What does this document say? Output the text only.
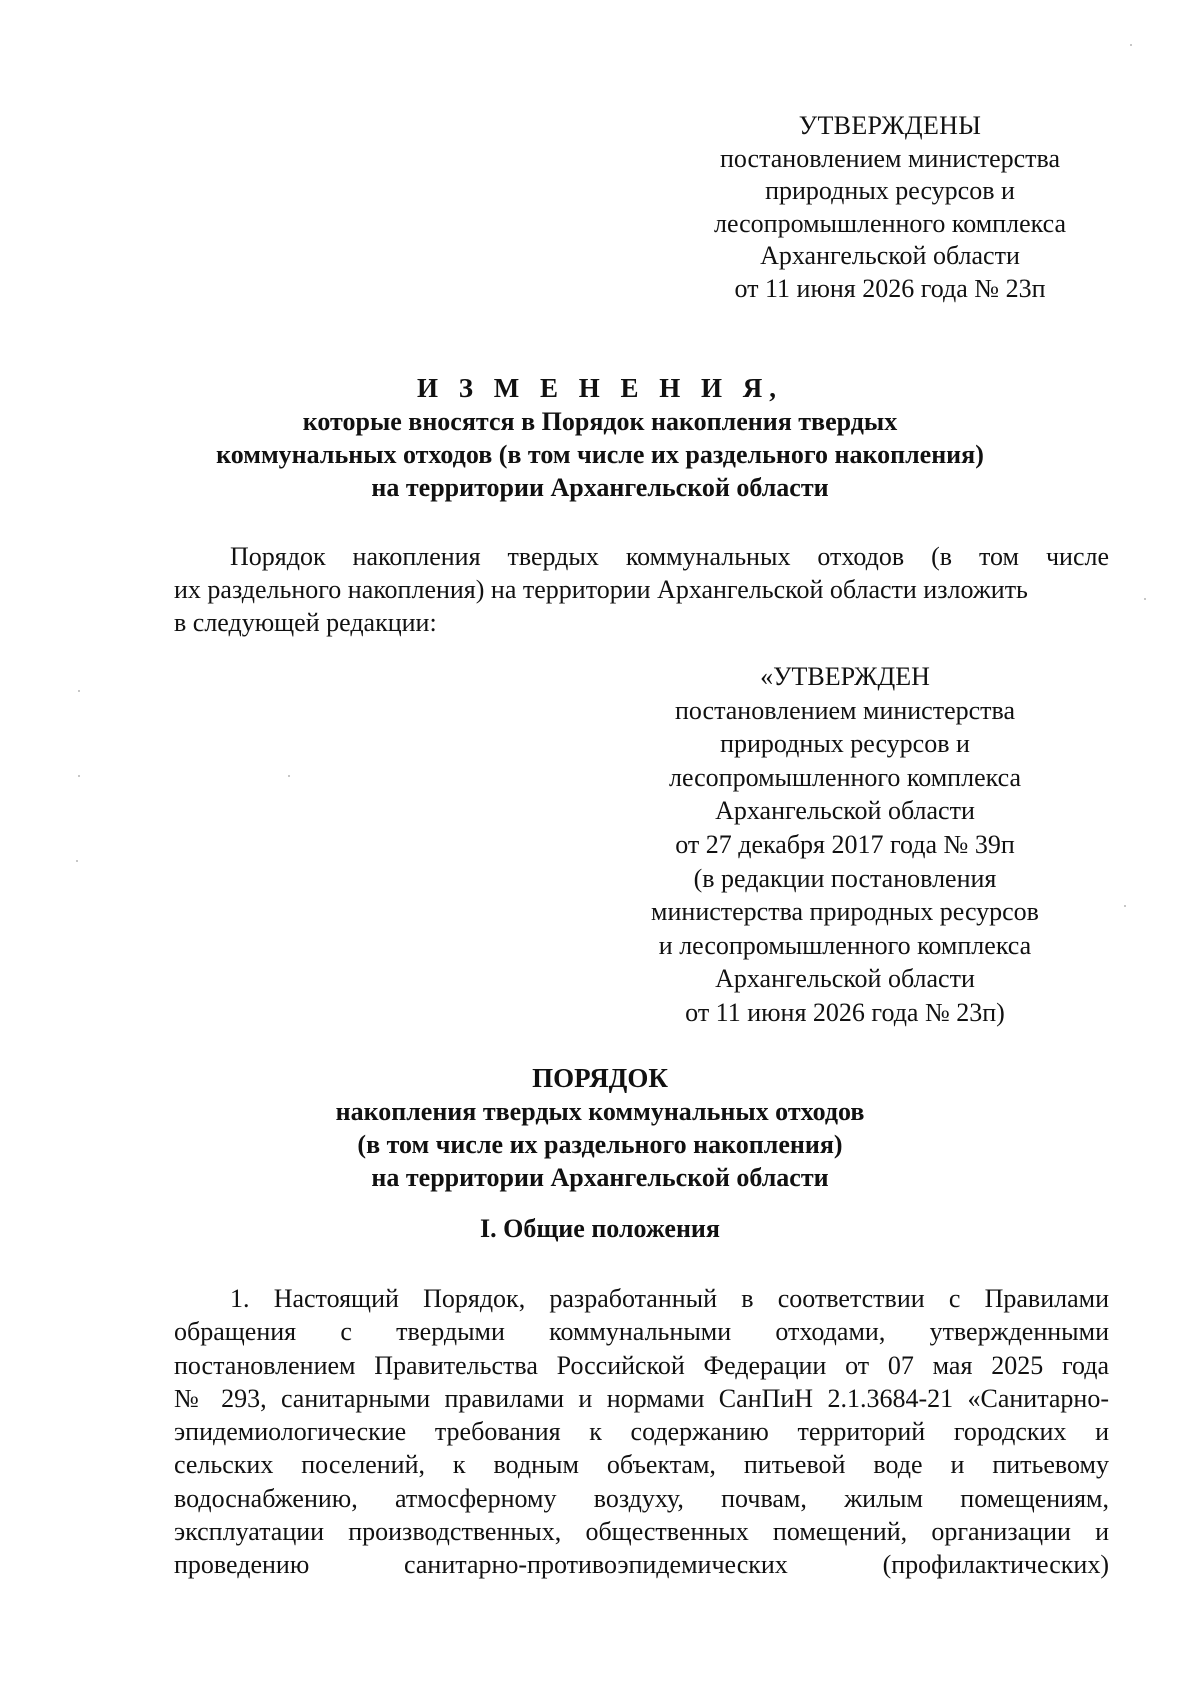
УТВЕРЖДЕНЫ
постановлением министерства
природных ресурсов и
лесопромышленного комплекса
Архангельской области
от 11 июня 2026 года № 23п
И З М Е Н Е Н И Я,
которые вносятся в Порядок накопления твердых
коммунальных отходов (в том числе их раздельного накопления)
на территории Архангельской области
Порядок накопления твердых коммунальных отходов (в том числе
их раздельного накопления) на территории Архангельской области изложить
в следующей редакции:
«УТВЕРЖДЕН
постановлением министерства
природных ресурсов и
лесопромышленного комплекса
Архангельской области
от 27 декабря 2017 года № 39п
(в редакции постановления
министерства природных ресурсов
и лесопромышленного комплекса
Архангельской области
от 11 июня 2026 года № 23п)
ПОРЯДОК
накопления твердых коммунальных отходов
(в том числе их раздельного накопления)
на территории Архангельской области
I. Общие положения
1. Настоящий Порядок, разработанный в соответствии с Правилами
обращения с твердыми коммунальными отходами, утвержденными
постановлением Правительства Российской Федерации от 07 мая 2025 года
№ 293, санитарными правилами и нормами СанПиН 2.1.3684-21 «Санитарно-
эпидемиологические требования к содержанию территорий городских и
сельских поселений, к водным объектам, питьевой воде и питьевому
водоснабжению, атмосферному воздуху, почвам, жилым помещениям,
эксплуатации производственных, общественных помещений, организации и
проведению санитарно-противоэпидемических (профилактических)
